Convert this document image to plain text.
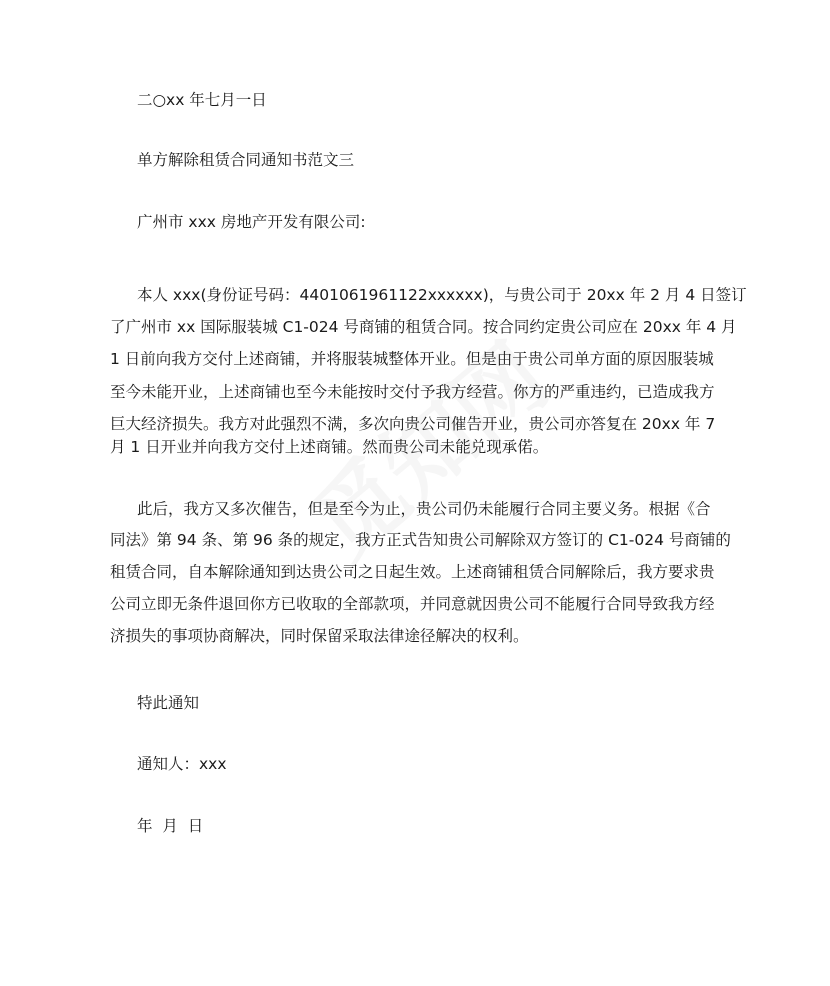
二○xx 年七月一日
单方解除租赁合同通知书范文三
广州市 xxx 房地产开发有限公司:
本人 xxx(身份证号码：4401061961122xxxxxx)，与贵公司于 20xx 年 2 月 4 日签订
了广州市 xx 国际服装城 C1-024 号商铺的租赁合同。按合同约定贵公司应在 20xx 年 4 月
1 日前向我方交付上述商铺，并将服装城整体开业。但是由于贵公司单方面的原因服装城
至今未能开业，上述商铺也至今未能按时交付予我方经营。你方的严重违约，已造成我方
巨大经济损失。我方对此强烈不满，多次向贵公司催告开业，贵公司亦答复在 20xx 年 7
月 1 日开业并向我方交付上述商铺。然而贵公司未能兑现承偌。
此后，我方又多次催告，但是至今为止，贵公司仍未能履行合同主要义务。根据《合
同法》第 94 条、第 96 条的规定，我方正式告知贵公司解除双方签订的 C1-024 号商铺的
租赁合同，自本解除通知到达贵公司之日起生效。上述商铺租赁合同解除后，我方要求贵
公司立即无条件退回你方已收取的全部款项，并同意就因贵公司不能履行合同导致我方经
济损失的事项协商解决，同时保留采取法律途径解决的权利。
特此通知
通知人：xxx
年  月  日
